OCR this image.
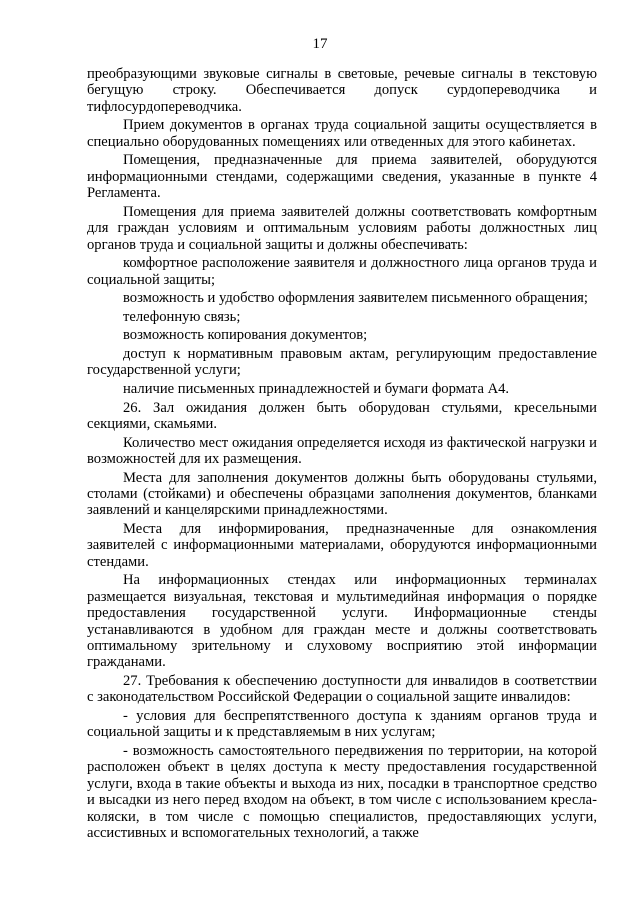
17

преобразующими звуковые сигналы в световые, речевые сигналы в текстовую бегущую строку. Обеспечивается допуск сурдопереводчика и тифлосурдопереводчика.

Прием документов в органах труда социальной защиты осуществляется в специально оборудованных помещениях или отведенных для этого кабинетах.

Помещения, предназначенные для приема заявителей, оборудуются информационными стендами, содержащими сведения, указанные в пункте 4 Регламента.

Помещения для приема заявителей должны соответствовать комфортным для граждан условиям и оптимальным условиям работы должностных лиц органов труда и социальной защиты и должны обеспечивать:

комфортное расположение заявителя и должностного лица органов труда и социальной защиты;

возможность и удобство оформления заявителем письменного обращения;

телефонную связь;

возможность копирования документов;

доступ к нормативным правовым актам, регулирующим предоставление государственной услуги;

наличие письменных принадлежностей и бумаги формата А4.

26. Зал ожидания должен быть оборудован стульями, кресельными секциями, скамьями.

Количество мест ожидания определяется исходя из фактической нагрузки и возможностей для их размещения.

Места для заполнения документов должны быть оборудованы стульями, столами (стойками) и обеспечены образцами заполнения документов, бланками заявлений и канцелярскими принадлежностями.

Места для информирования, предназначенные для ознакомления заявителей с информационными материалами, оборудуются информационными стендами.

На информационных стендах или информационных терминалах размещается визуальная, текстовая и мультимедийная информация о порядке предоставления государственной услуги. Информационные стенды устанавливаются в удобном для граждан месте и должны соответствовать оптимальному зрительному и слуховому восприятию этой информации гражданами.

27. Требования к обеспечению доступности для инвалидов в соответствии с законодательством Российской Федерации о социальной защите инвалидов:

- условия для беспрепятственного доступа к зданиям органов труда и социальной защиты и к представляемым в них услугам;

- возможность самостоятельного передвижения по территории, на которой расположен объект в целях доступа к месту предоставления государственной услуги, входа в такие объекты и выхода из них, посадки в транспортное средство и высадки из него перед входом на объект, в том числе с использованием кресла-коляски, в том числе с помощью специалистов, предоставляющих услуги, ассистивных и вспомогательных технологий, а также
